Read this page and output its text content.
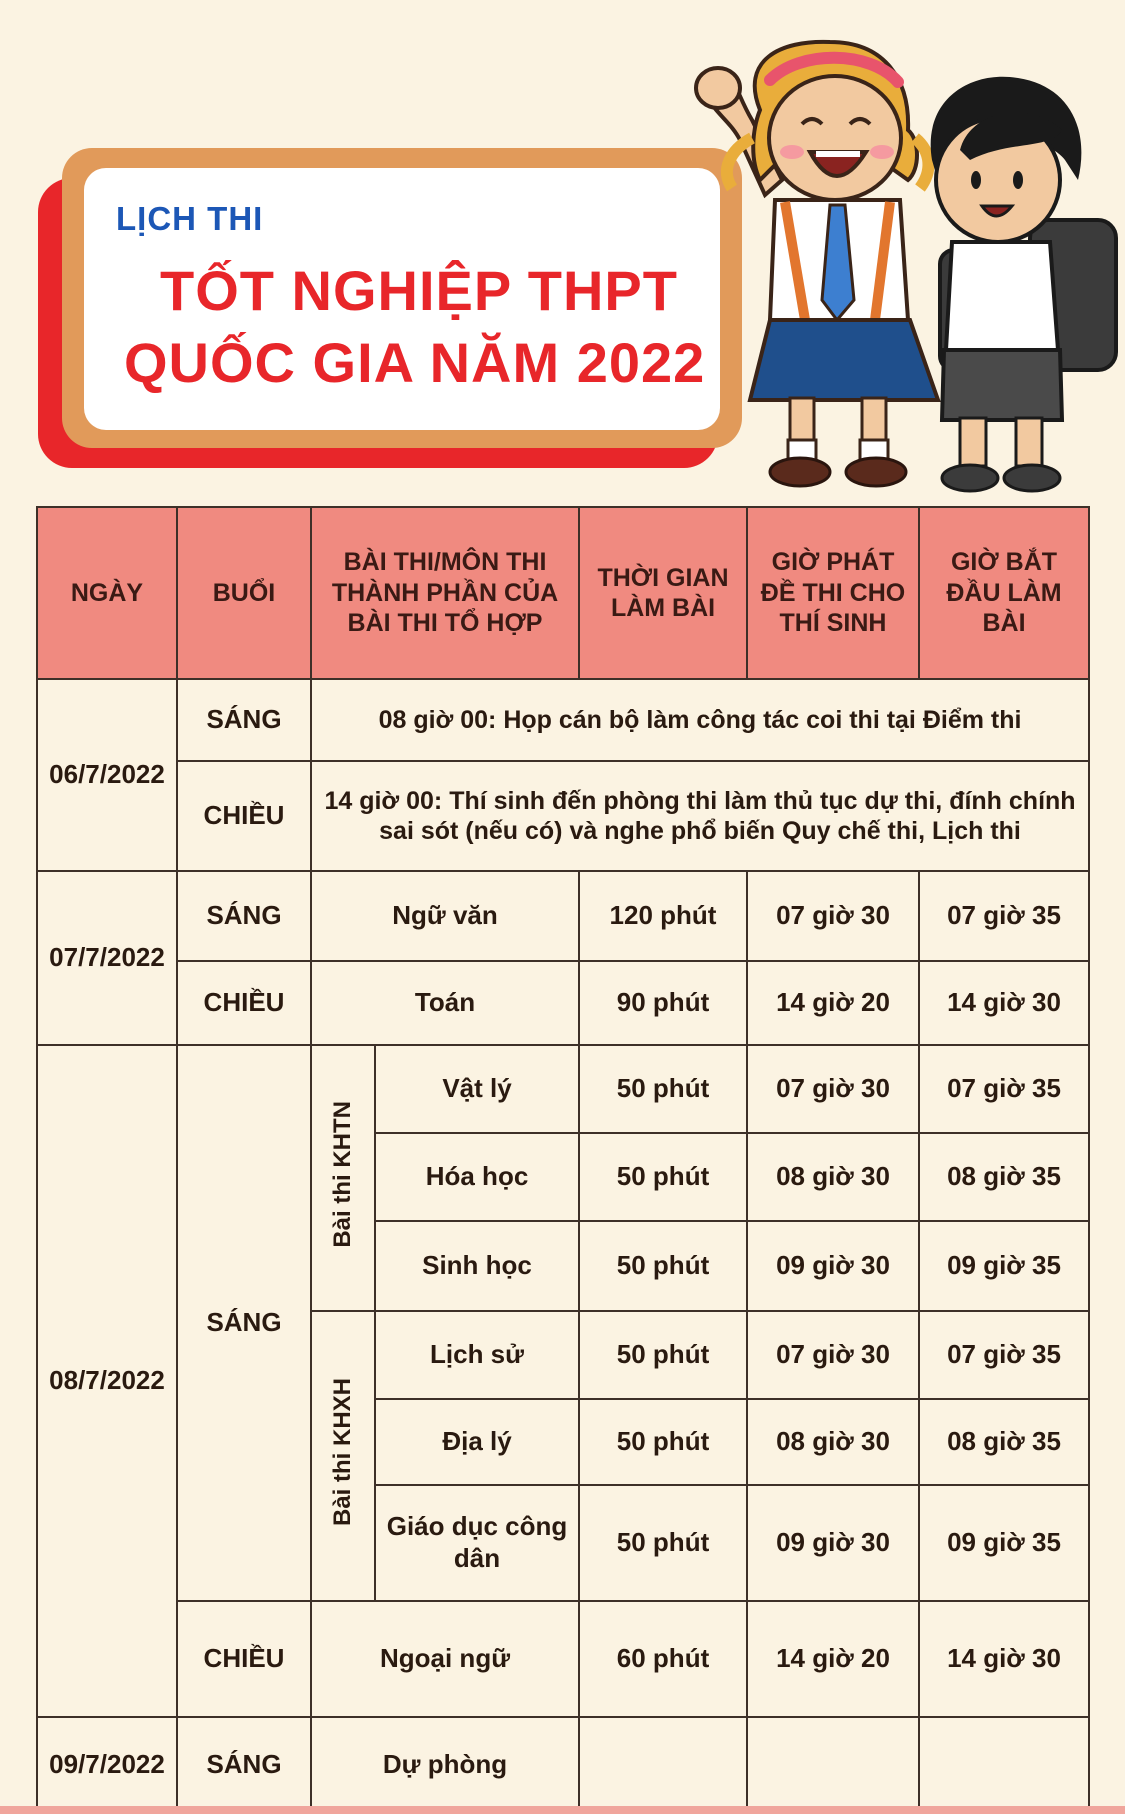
LỊCH THI
TỐT NGHIỆP THPT
QUỐC GIA NĂM 2022
NGÀY	BUỔI	BÀI THI/MÔN THI THÀNH PHẦN CỦA BÀI THI TỔ HỢP		THỜI GIAN LÀM BÀI	GIỜ PHÁT ĐỀ THI CHO THÍ SINH	GIỜ BẮT ĐẦU LÀM BÀI
06/7/2022	SÁNG	08 giờ 00: Họp cán bộ làm công tác coi thi tại Điểm thi				
	CHIỀU	14 giờ 00: Thí sinh đến phòng thi làm thủ tục dự thi, đính chính sai sót (nếu có) và nghe phổ biến Quy chế thi, Lịch thi				
07/7/2022	SÁNG	Ngữ văn		120 phút	07 giờ 30	07 giờ 35
	CHIỀU	Toán		90 phút	14 giờ 20	14 giờ 30
08/7/2022	SÁNG	Bài thi KHTN	Vật lý	50 phút	07 giờ 30	07 giờ 35
			Hóa học	50 phút	08 giờ 30	08 giờ 35
			Sinh học	50 phút	09 giờ 30	09 giờ 35
		Bài thi KHXH	Lịch sử	50 phút	07 giờ 30	07 giờ 35
			Địa lý	50 phút	08 giờ 30	08 giờ 35
			Giáo dục công dân	50 phút	09 giờ 30	09 giờ 35
	CHIỀU	Ngoại ngữ		60 phút	14 giờ 20	14 giờ 30
09/7/2022	SÁNG	Dự phòng				
